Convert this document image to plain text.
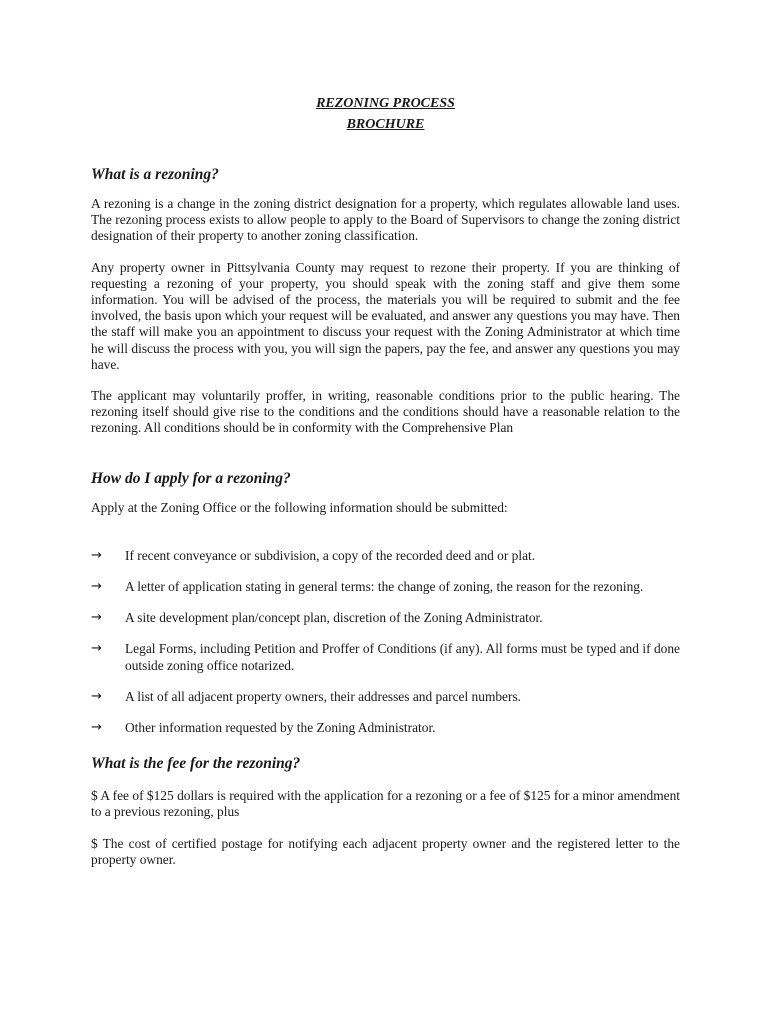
REZONING PROCESS
BROCHURE
What is a rezoning?

A rezoning is a change in the zoning district designation for a property, which regulates allowable land uses. The rezoning process exists to allow people to apply to the Board of Supervisors to change the zoning district designation of their property to another zoning classification.

Any property owner in Pittsylvania County may request to rezone their property. If you are thinking of requesting a rezoning of your property, you should speak with the zoning staff and give them some information. You will be advised of the process, the materials you will be required to submit and the fee involved, the basis upon which your request will be evaluated, and answer any questions you may have. Then the staff will make you an appointment to discuss your request with the Zoning Administrator at which time he will discuss the process with you, you will sign the papers, pay the fee, and answer any questions you may have.

The applicant may voluntarily proffer, in writing, reasonable conditions prior to the public hearing. The rezoning itself should give rise to the conditions and the conditions should have a reasonable relation to the rezoning. All conditions should be in conformity with the Comprehensive Plan

How do I apply for a rezoning?

Apply at the Zoning Office or the following information should be submitted:

→ If recent conveyance or subdivision, a copy of the recorded deed and or plat.
→ A letter of application stating in general terms: the change of zoning, the reason for the rezoning.
→ A site development plan/concept plan, discretion of the Zoning Administrator.
→ Legal Forms, including Petition and Proffer of Conditions (if any). All forms must be typed and if done outside zoning office notarized.
→ A list of all adjacent property owners, their addresses and parcel numbers.
→ Other information requested by the Zoning Administrator.
What is the fee for the rezoning?

$ A fee of $125 dollars is required with the application for a rezoning or a fee of $125 for a minor amendment to a previous rezoning, plus

$ The cost of certified postage for notifying each adjacent property owner and the registered letter to the property owner.
